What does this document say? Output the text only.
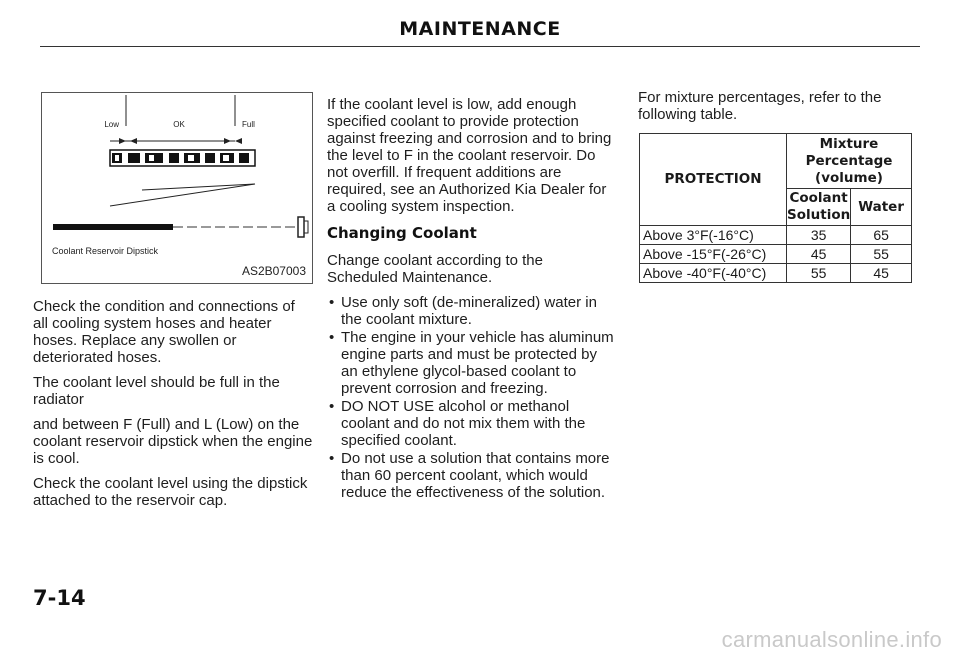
MAINTENANCE
Low	OK	Full
Coolant Reservoir Dipstick
AS2B07003

Check the condition and connections of all cooling system hoses and heater hoses. Replace any swollen or deteriorated hoses.

The coolant level should be full in the radiator

and between F (Full) and L (Low) on the coolant reservoir dipstick when the engine is cool.

Check the coolant level using the dipstick attached to the reservoir cap.

If the coolant level is low, add enough specified coolant to provide protection against freezing and corrosion and to bring the level to F in the coolant reservoir. Do not overfill. If frequent additions are required, see an Authorized Kia Dealer for a cooling system inspection.

Changing Coolant

Change coolant according to the Scheduled Maintenance.

• Use only soft (de-mineralized) water in the coolant mixture.
• The engine in your vehicle has aluminum engine parts and must be protected by an ethylene glycol-based coolant to prevent corrosion and freezing.
• DO NOT USE alcohol or methanol coolant and do not mix them with the specified coolant.
• Do not use a solution that contains more than 60 percent coolant, which would reduce the effectiveness of the solution.

For mixture percentages, refer to the following table.

PROTECTION	Mixture Percentage (volume)	
	Coolant Solution	Water
Above 3°F(-16°C)	35	65
Above -15°F(-26°C)	45	55
Above -40°F(-40°C)	55	45
7-14
carmanualsonline.info
